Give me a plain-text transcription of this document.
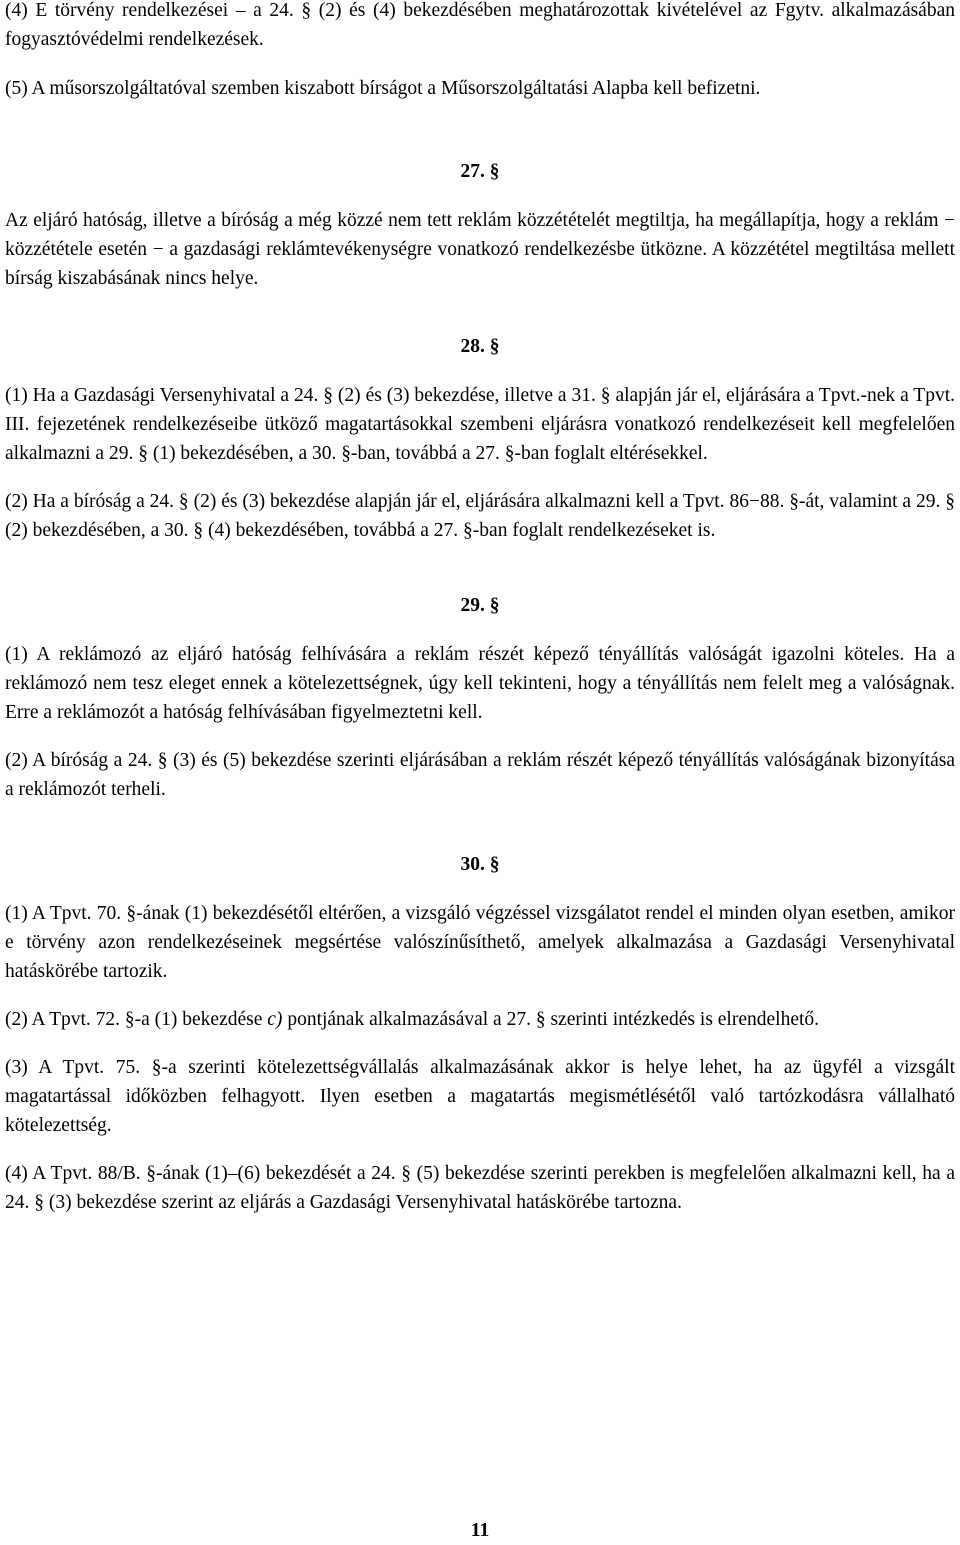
(4) E törvény rendelkezései – a 24. § (2) és (4) bekezdésében meghatározottak kivételével az Fgytv. alkalmazásában fogyasztóvédelmi rendelkezések.

(5) A műsorszolgáltatóval szemben kiszabott bírságot a Műsorszolgáltatási Alapba kell befizetni.

27. §

Az eljáró hatóság, illetve a bíróság a még közzé nem tett reklám közzétételét megtiltja, ha megállapítja, hogy a reklám − közzététele esetén − a gazdasági reklámtevékenységre vonatkozó rendelkezésbe ütközne. A közzététel megtiltása mellett bírság kiszabásának nincs helye.

28. §

(1) Ha a Gazdasági Versenyhivatal a 24. § (2) és (3) bekezdése, illetve a 31. § alapján jár el, eljárására a Tpvt.-nek a Tpvt. III. fejezetének rendelkezéseibe ütköző magatartásokkal szembeni eljárásra vonatkozó rendelkezéseit kell megfelelően alkalmazni a 29. § (1) bekezdésében, a 30. §-ban, továbbá a 27. §-ban foglalt eltérésekkel.

(2) Ha a bíróság a 24. § (2) és (3) bekezdése alapján jár el, eljárására alkalmazni kell a Tpvt. 86−88. §-át, valamint a 29. § (2) bekezdésében, a 30. § (4) bekezdésében, továbbá a 27. §-ban foglalt rendelkezéseket is.

29. §

(1) A reklámozó az eljáró hatóság felhívására a reklám részét képező tényállítás valóságát igazolni köteles. Ha a reklámozó nem tesz eleget ennek a kötelezettségnek, úgy kell tekinteni, hogy a tényállítás nem felelt meg a valóságnak. Erre a reklámozót a hatóság felhívásában figyelmeztetni kell.

(2) A bíróság a 24. § (3) és (5) bekezdése szerinti eljárásában a reklám részét képező tényállítás valóságának bizonyítása a reklámozót terheli.

30. §

(1) A Tpvt. 70. §-ának (1) bekezdésétől eltérően, a vizsgáló végzéssel vizsgálatot rendel el minden olyan esetben, amikor e törvény azon rendelkezéseinek megsértése valószínűsíthető, amelyek alkalmazása a Gazdasági Versenyhivatal hatáskörébe tartozik.

(2) A Tpvt. 72. §-a (1) bekezdése c) pontjának alkalmazásával a 27. § szerinti intézkedés is elrendelhető.

(3) A Tpvt. 75. §-a szerinti kötelezettségvállalás alkalmazásának akkor is helye lehet, ha az ügyfél a vizsgált magatartással időközben felhagyott. Ilyen esetben a magatartás megismétlésétől való tartózkodásra vállalható kötelezettség.

(4) A Tpvt. 88/B. §-ának (1)–(6) bekezdését a 24. § (5) bekezdése szerinti perekben is megfelelően alkalmazni kell, ha a 24. § (3) bekezdése szerint az eljárás a Gazdasági Versenyhivatal hatáskörébe tartozna.

11
